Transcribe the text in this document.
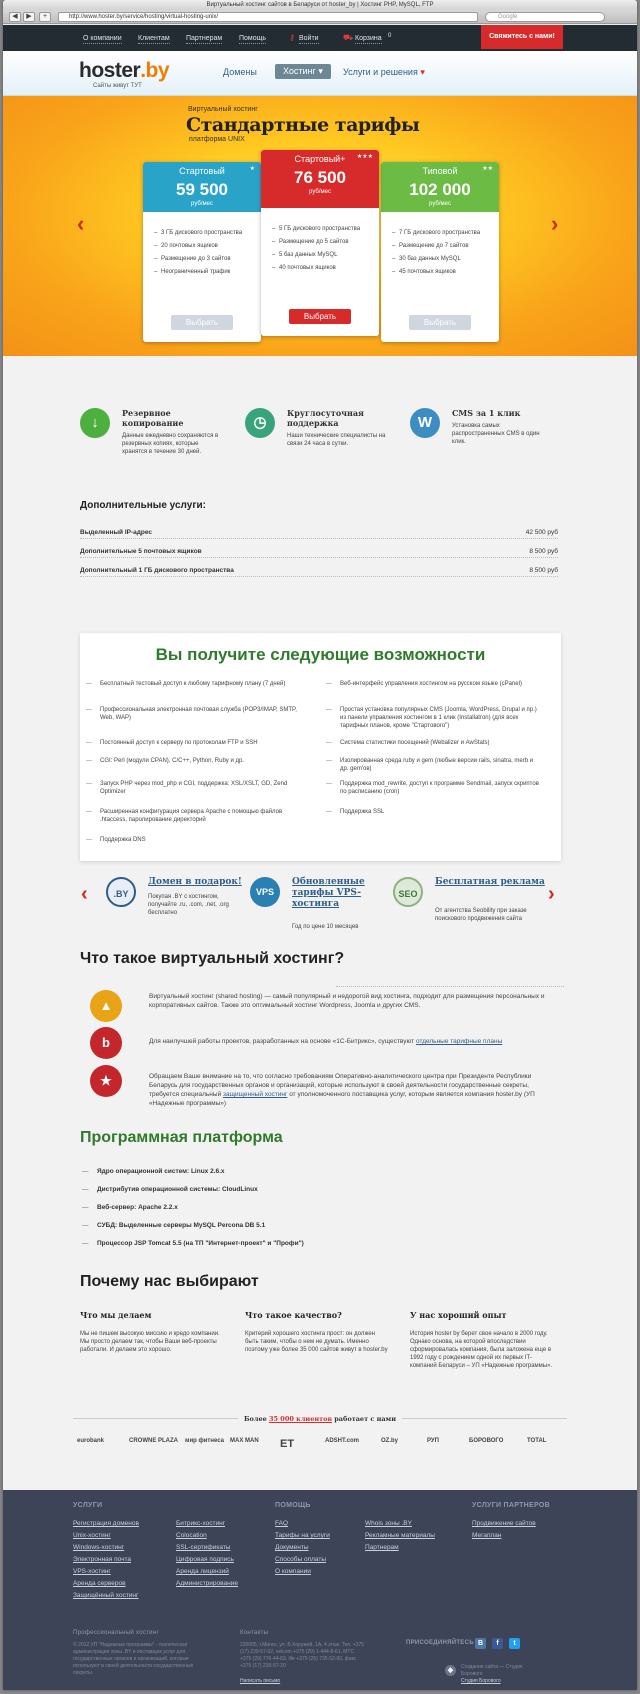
Виртуальный хостинг сайтов в Беларуси от hoster_by | Хостинг PHP, MySQL, FTP
◀	▶	+	http://www.hoster.by/service/hosting/virtual-hosting-unix/	Google
О компании Клиентам Партнерам Помощь	⚷ Войти	⛟ Корзина 0	Свяжитесь с нами!
hoster.by
Сайты живут ТУТ
Домены	Хостинг ▾	Услуги и решения ▾
Виртуальный хостинг
Стандартные тарифы
платформа UNIX
‹	›
★
Стартовый
59 500
руб/мес
– 3 ГБ дискового пространства
– 20 почтовых ящиков
– Размещение до 3 сайтов
– Неограниченный трафик
Выбрать
★★★
Стартовый+
76 500
руб/мес
– 5 ГБ дискового пространства
– Размещение до 5 сайтов
– 5 баз данных MySQL
– 40 почтовых ящиков
Выбрать
★★
Типовой
102 000
руб/мес
– 7 ГБ дискового пространства
– Размещение до 7 сайтов
– 30 баз данных MySQL
– 45 почтовых ящиков
Выбрать
↓
Резервное копирование
Данные ежедневно сохраняются в резервных копиях, которые хранятся в течение 30 дней.
◷
Круглосуточная поддержка
Наши технические специалисты на связи 24 часа в сутки.
W
CMS за 1 клик
Установка самых распространенных CMS в один клик.
Дополнительные услуги:
Выделенный IP-адрес	42 500 руб
Дополнительные 5 почтовых ящиков	8 500 руб
Дополнительный 1 ГБ дискового пространства	8 500 руб
Вы получите следующие возможности
— Бесплатный тестовый доступ к любому тарифному плану (7 дней)
— Профессиональная электронная почтовая служба (POP3/IMAP, SMTP, Web, WAP)
— Постоянный доступ к серверу по протоколам FTP и SSH
— CGI: Perl (модули CPAN), C/C++, Python, Ruby и др.
— Запуск PHP через mod_php и CGI, поддержка: XSL/XSLT, GD, Zend Optimizer
— Расширенная конфигурация сервера Apache с помощью файлов .htaccess, паролирование директорий
— Поддержка DNS
— Веб-интерфейс управления хостингом на русском языке (cPanel)
— Простая установка популярных CMS (Joomla, WordPress, Drupal и пр.) из панели управления хостингом в 1 клик (Installatron) (для всех тарифных планов, кроме "Стартового")
— Система статистики посещений (Webalizer и AwStats)
— Изолированная среда ruby и gem (любые версии rails, sinatra, merb и др. gem'ов)
— Поддержка mod_rewrite, доступ к программе Sendmail, запуск скриптов по расписанию (cron)
— Поддержка SSL
‹	›
.BY
Домен в подарок!
Покупая .BY с хостингом, получайте .ru, .com, .net, .org бесплатно
VPS
Обновленные тарифы VPS-хостинга
Год по цене 10 месяцев
SEO
Бесплатная реклама
От агентства Seobility при заказе поискового продвижения сайта
Что такое виртуальный хостинг?
▲
b
★
Виртуальный хостинг (shared hosting) — самый популярный и недорогой вид хостинга, подходит для размещения персональных и корпоративных сайтов. Также это оптимальный хостинг Wordpress, Joomla и других CMS.
Для наилучшей работы проектов, разработанных на основе «1С-Битрикс», существуют отдельные тарифные планы
Обращаем Ваше внимание на то, что согласно требованиям Оперативно-аналитического центра при Президенте Республики Беларусь для государственных органов и организаций, которые используют в своей деятельности государственные секреты, требуется специальный защищенный хостинг от уполномоченного поставщика услуг, которым является компания hoster.by (УП «Надежные программы»)
Программная платформа
— Ядро операционной систем: Linux 2.6.x
— Дистрибутив операционной системы: CloudLinux
— Веб-сервер: Apache 2.2.x
— СУБД: Выделенные серверы MySQL Percona DB 5.1
— Процессор JSP Tomcat 5.5 (на ТП "Интернет-проект" и "Профи")
Почему нас выбирают
Что мы делаем
Мы не пишем высокую миссию и кредо компании. Мы просто делаем так, чтобы Ваши веб-проекты работали. И делаем это хорошо.
Что такое качество?
Критерий хорошего хостинга прост: он должен быть таким, чтобы о нем не думать. Именно поэтому уже более 35 000 сайтов живут в hoster.by
У нас хороший опыт
История hoster by берет свое начало в 2000 году. Однако основа, на которой впоследствии сформировалась компания, была заложена еще в 1992 году с рождением одной их первых IT-компаний Беларуси – УП «Надежные программы».
Более 35 000 клиентов работает с нами
eurobank	CROWNE PLAZA мир фитнеса MAX MAN ET	ADSHT.com	OZ.by	РУП	БОРОВОГО	TOTAL
УСЛУГИ
Регистрация доменов
Unix-хостинг
Windows-хостинг
Электронная почта
VPS-хостинг
Аренда серверов
Защищённый хостинг
Битрикс-хостинг
Colocation
SSL-сертификаты
Цифровая подпись
Аренда лицензий
Администрирование
ПОМОЩЬ
FAQ
Тарифы на услуги
Документы
Способы оплаты
О компании
Whois зоны .BY
Рекламные материалы
Партнерам
УСЛУГИ ПАРТНЕРОВ
Продвижение сайтов
Мегаплан
Профессиональный хостинг
© 2012 УП "Надежные программы" - техническая администрация зоны .BY и поставщик услуг для государственных органов и организаций, которые используют в своей деятельности государственные секреты.
Контакты
220005, г.Минск, ул. В.Хоружей, 1А, 4 этаж. Тел. +375 (17) 239-57-02, velcom +375 (29) 1-444-8-61, МТС +375 (29) 776-44-83, life +375 (25) 735-52-00, факс +375 (17) 239-57-20
Написать письмо
ПРИСОЕДИНЯЙТЕСЬ В	f	t
◈	Создание сайта — Студия Борового
Студия Борового
